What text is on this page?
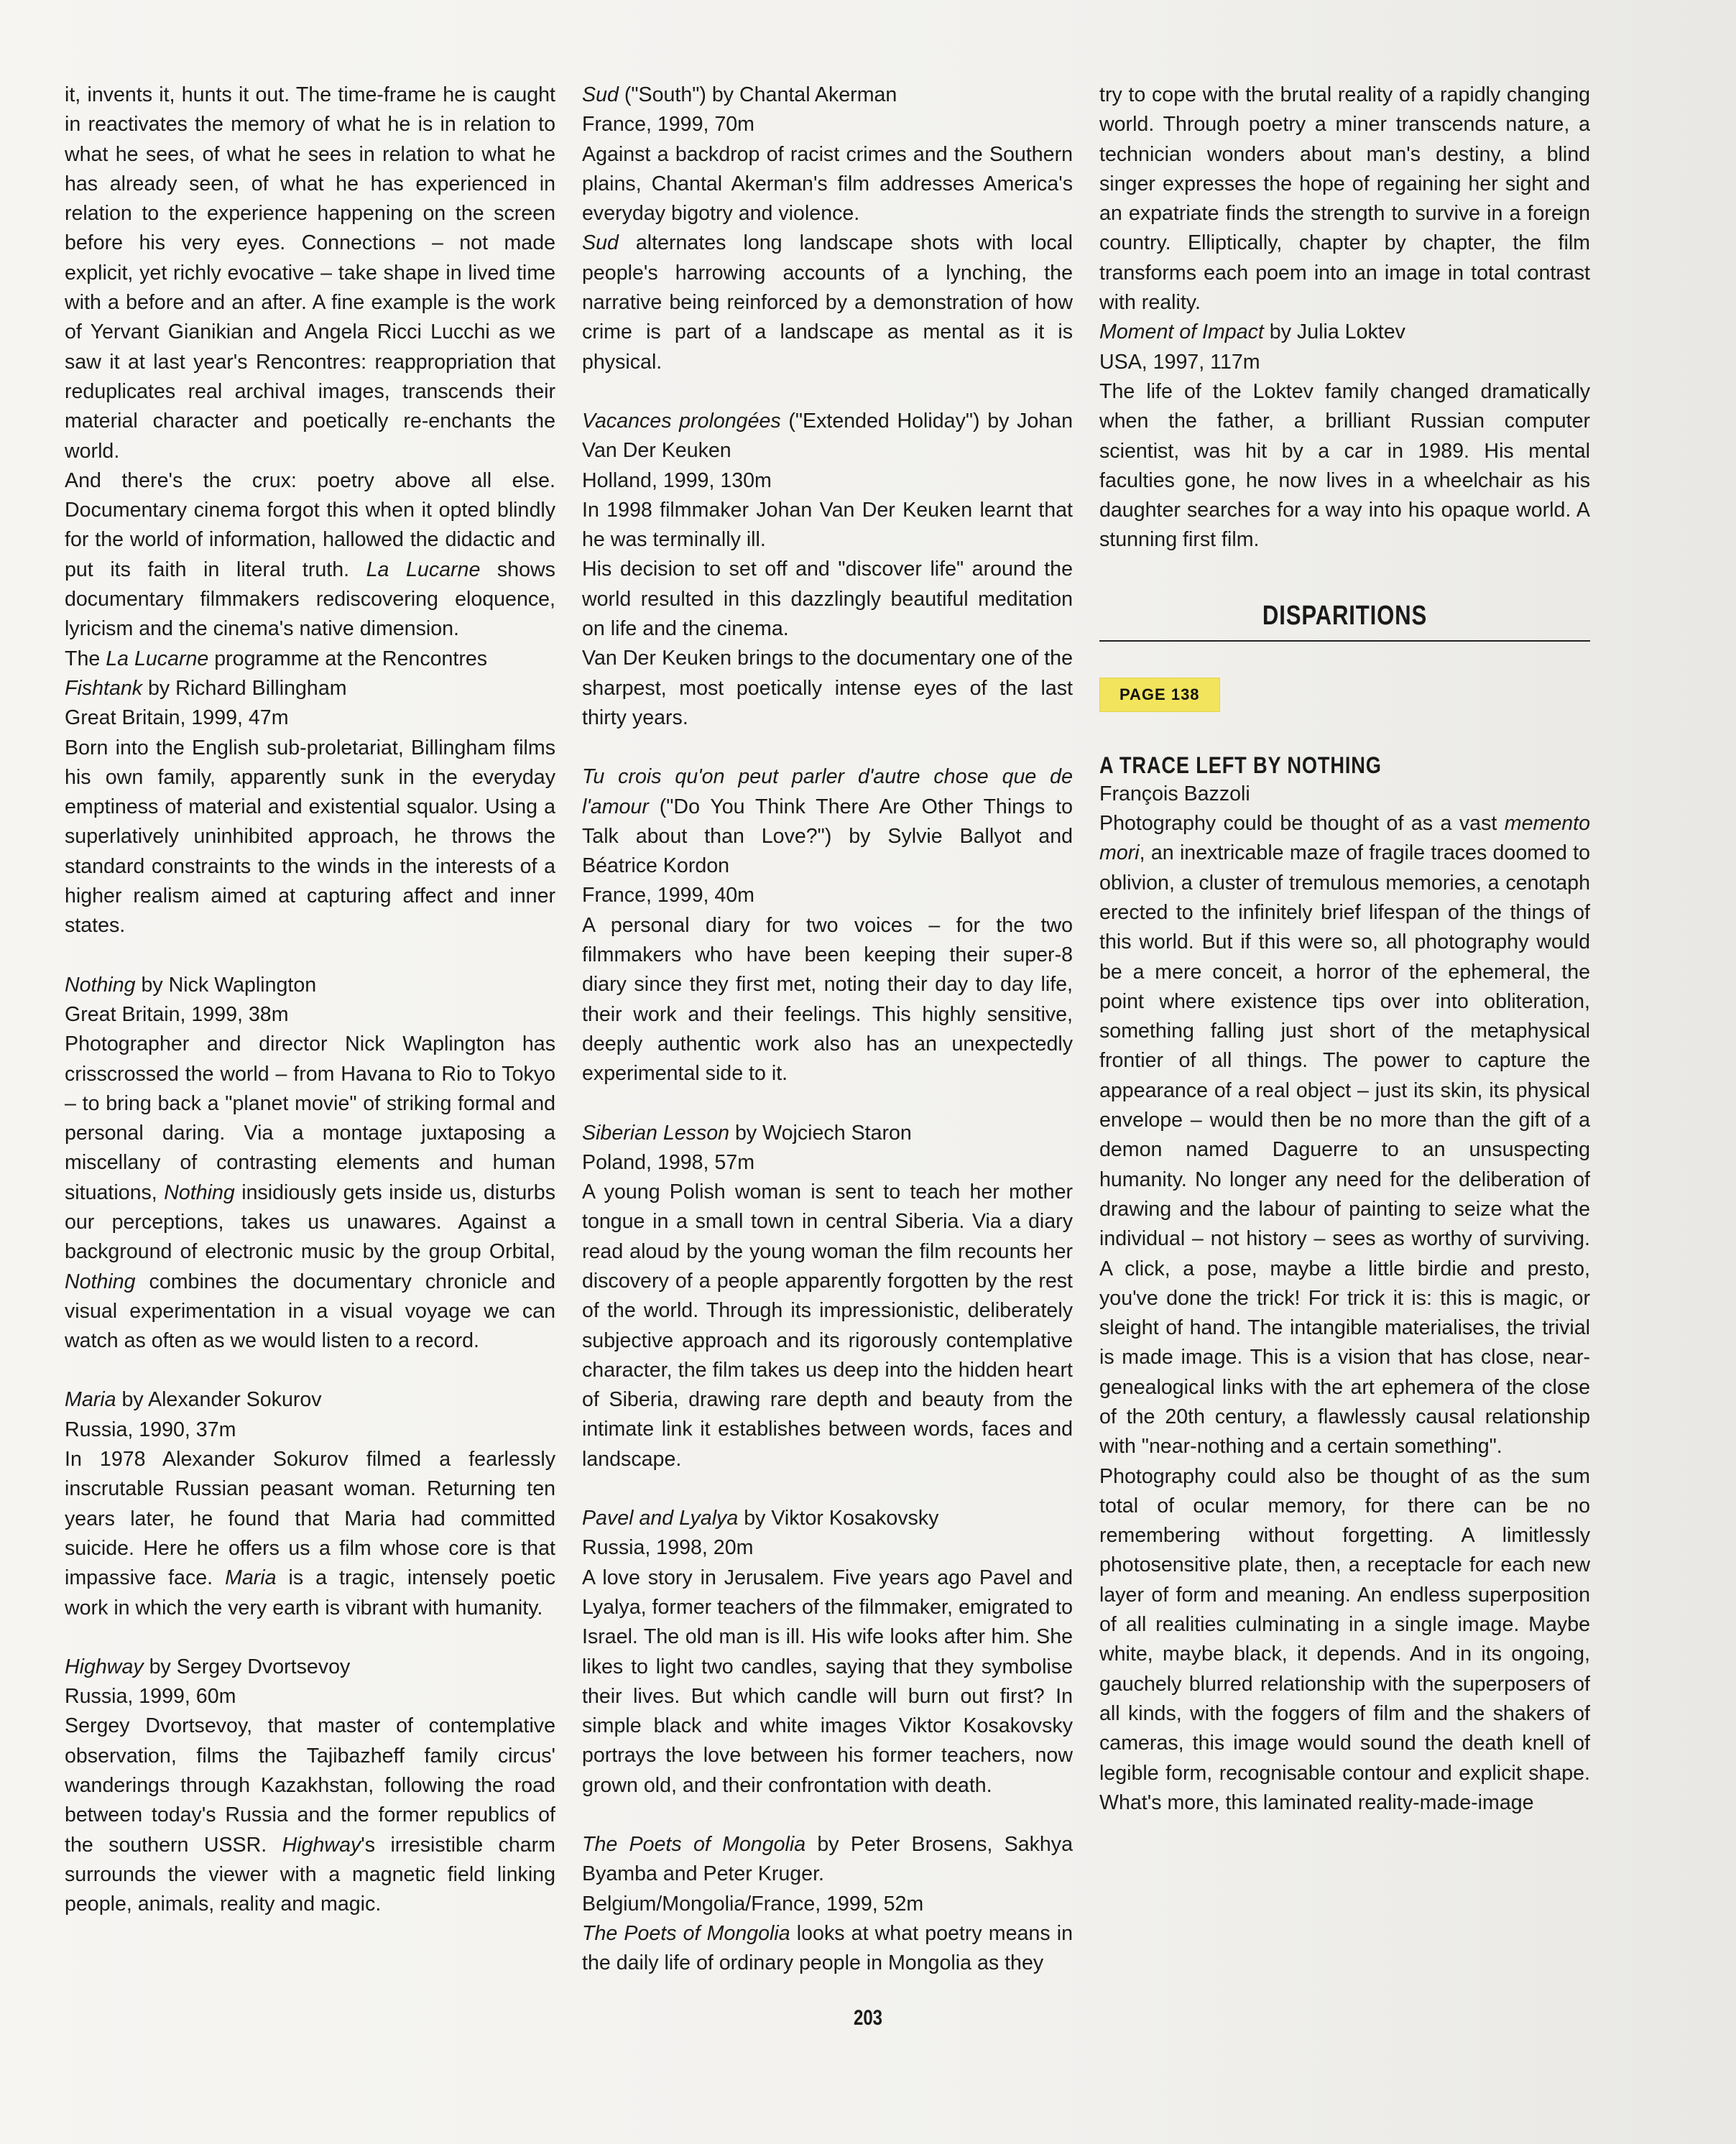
it, invents it, hunts it out. The time-frame he is caught in reactivates the memory of what he is in relation to what he sees, of what he sees in relation to what he has already seen, of what he has experienced in relation to the experience happening on the screen before his very eyes. Connections – not made explicit, yet richly evocative – take shape in lived time with a before and an after. A fine example is the work of Yervant Gianikian and Angela Ricci Lucchi as we saw it at last year's Rencontres: reappropriation that reduplicates real archival images, transcends their material character and poetically re-enchants the world.

And there's the crux: poetry above all else. Documentary cinema forgot this when it opted blindly for the world of information, hallowed the didactic and put its faith in literal truth. La Lucarne shows documentary filmmakers rediscovering eloquence, lyricism and the cinema's native dimension.

The La Lucarne programme at the Rencontres

Fishtank by Richard Billingham

Great Britain, 1999, 47m

Born into the English sub-proletariat, Billingham films his own family, apparently sunk in the everyday emptiness of material and existential squalor. Using a superlatively uninhibited approach, he throws the standard constraints to the winds in the interests of a higher realism aimed at capturing affect and inner states.

Nothing by Nick Waplington

Great Britain, 1999, 38m

Photographer and director Nick Waplington has crisscrossed the world – from Havana to Rio to Tokyo – to bring back a "planet movie" of striking formal and personal daring. Via a montage juxtaposing a miscellany of contrasting elements and human situations, Nothing insidiously gets inside us, disturbs our perceptions, takes us unawares. Against a background of electronic music by the group Orbital, Nothing combines the documentary chronicle and visual experimentation in a visual voyage we can watch as often as we would listen to a record.

Maria by Alexander Sokurov

Russia, 1990, 37m

In 1978 Alexander Sokurov filmed a fearlessly inscrutable Russian peasant woman. Returning ten years later, he found that Maria had committed suicide. Here he offers us a film whose core is that impassive face. Maria is a tragic, intensely poetic work in which the very earth is vibrant with humanity.

Highway by Sergey Dvortsevoy

Russia, 1999, 60m

Sergey Dvortsevoy, that master of contemplative observation, films the Tajibazheff family circus' wanderings through Kazakhstan, following the road between today's Russia and the former republics of the southern USSR. Highway's irresistible charm surrounds the viewer with a magnetic field linking people, animals, reality and magic.

Sud ("South") by Chantal Akerman

France, 1999, 70m

Against a backdrop of racist crimes and the Southern plains, Chantal Akerman's film addresses America's everyday bigotry and violence.

Sud alternates long landscape shots with local people's harrowing accounts of a lynching, the narrative being reinforced by a demonstration of how crime is part of a landscape as mental as it is physical.

Vacances prolongées ("Extended Holiday") by Johan Van Der Keuken

Holland, 1999, 130m

In 1998 filmmaker Johan Van Der Keuken learnt that he was terminally ill.

His decision to set off and "discover life" around the world resulted in this dazzlingly beautiful meditation on life and the cinema.

Van Der Keuken brings to the documentary one of the sharpest, most poetically intense eyes of the last thirty years.

Tu crois qu'on peut parler d'autre chose que de l'amour ("Do You Think There Are Other Things to Talk about than Love?") by Sylvie Ballyot and Béatrice Kordon

France, 1999, 40m

A personal diary for two voices – for the two filmmakers who have been keeping their super-8 diary since they first met, noting their day to day life, their work and their feelings. This highly sensitive, deeply authentic work also has an unexpectedly experimental side to it.

Siberian Lesson by Wojciech Staron

Poland, 1998, 57m

A young Polish woman is sent to teach her mother tongue in a small town in central Siberia. Via a diary read aloud by the young woman the film recounts her discovery of a people apparently forgotten by the rest of the world. Through its impressionistic, deliberately subjective approach and its rigorously contemplative character, the film takes us deep into the hidden heart of Siberia, drawing rare depth and beauty from the intimate link it establishes between words, faces and landscape.

Pavel and Lyalya by Viktor Kosakovsky

Russia, 1998, 20m

A love story in Jerusalem. Five years ago Pavel and Lyalya, former teachers of the filmmaker, emigrated to Israel. The old man is ill. His wife looks after him. She likes to light two candles, saying that they symbolise their lives. But which candle will burn out first? In simple black and white images Viktor Kosakovsky portrays the love between his former teachers, now grown old, and their confrontation with death.

The Poets of Mongolia by Peter Brosens, Sakhya Byamba and Peter Kruger.

Belgium/Mongolia/France, 1999, 52m

The Poets of Mongolia looks at what poetry means in the daily life of ordinary people in Mongolia as they

try to cope with the brutal reality of a rapidly changing world. Through poetry a miner transcends nature, a technician wonders about man's destiny, a blind singer expresses the hope of regaining her sight and an expatriate finds the strength to survive in a foreign country. Elliptically, chapter by chapter, the film transforms each poem into an image in total contrast with reality.

Moment of Impact by Julia Loktev

USA, 1997, 117m

The life of the Loktev family changed dramatically when the father, a brilliant Russian computer scientist, was hit by a car in 1989. His mental faculties gone, he now lives in a wheelchair as his daughter searches for a way into his opaque world. A stunning first film.

DISPARITIONS
PAGE 138
A TRACE LEFT BY NOTHING

François Bazzoli

Photography could be thought of as a vast memento mori, an inextricable maze of fragile traces doomed to oblivion, a cluster of tremulous memories, a cenotaph erected to the infinitely brief lifespan of the things of this world. But if this were so, all photography would be a mere conceit, a horror of the ephemeral, the point where existence tips over into obliteration, something falling just short of the metaphysical frontier of all things. The power to capture the appearance of a real object – just its skin, its physical envelope – would then be no more than the gift of a demon named Daguerre to an unsuspecting humanity. No longer any need for the deliberation of drawing and the labour of painting to seize what the individual – not history – sees as worthy of surviving. A click, a pose, maybe a little birdie and presto, you've done the trick! For trick it is: this is magic, or sleight of hand. The intangible materialises, the trivial is made image. This is a vision that has close, near-genealogical links with the art ephemera of the close of the 20th century, a flawlessly causal relationship with "near-nothing and a certain something".

Photography could also be thought of as the sum total of ocular memory, for there can be no remembering without forgetting. A limitlessly photosensitive plate, then, a receptacle for each new layer of form and meaning. An endless superposition of all realities culminating in a single image. Maybe white, maybe black, it depends. And in its ongoing, gauchely blurred relationship with the superposers of all kinds, with the foggers of film and the shakers of cameras, this image would sound the death knell of legible form, recognisable contour and explicit shape. What's more, this laminated reality-made-image

203
